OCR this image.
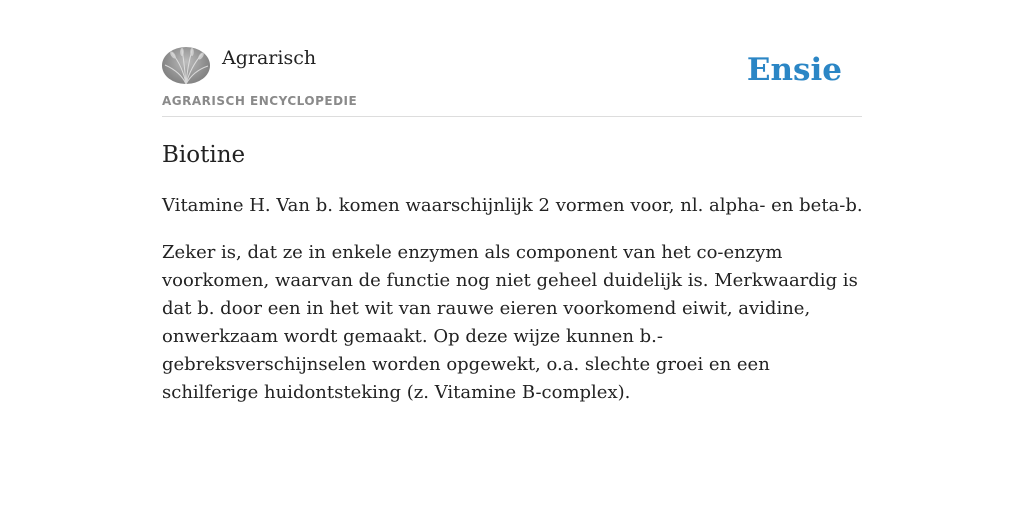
Agrarisch
AGRARISCH ENCYCLOPEDIE
Ensie
Biotine

Vitamine H. Van b. komen waarschijnlijk 2 vormen voor, nl. alpha- en beta-b.

Zeker is, dat ze in enkele enzymen als component van het co-enzym voorkomen, waarvan de functie nog niet geheel duidelijk is. Merkwaardig is dat b. door een in het wit van rauwe eieren voorkomend eiwit, avidine, onwerkzaam wordt gemaakt. Op deze wijze kunnen b.-gebreksverschijnselen worden opgewekt, o.a. slechte groei en een schilferige huidontsteking (z. Vitamine B-complex).
